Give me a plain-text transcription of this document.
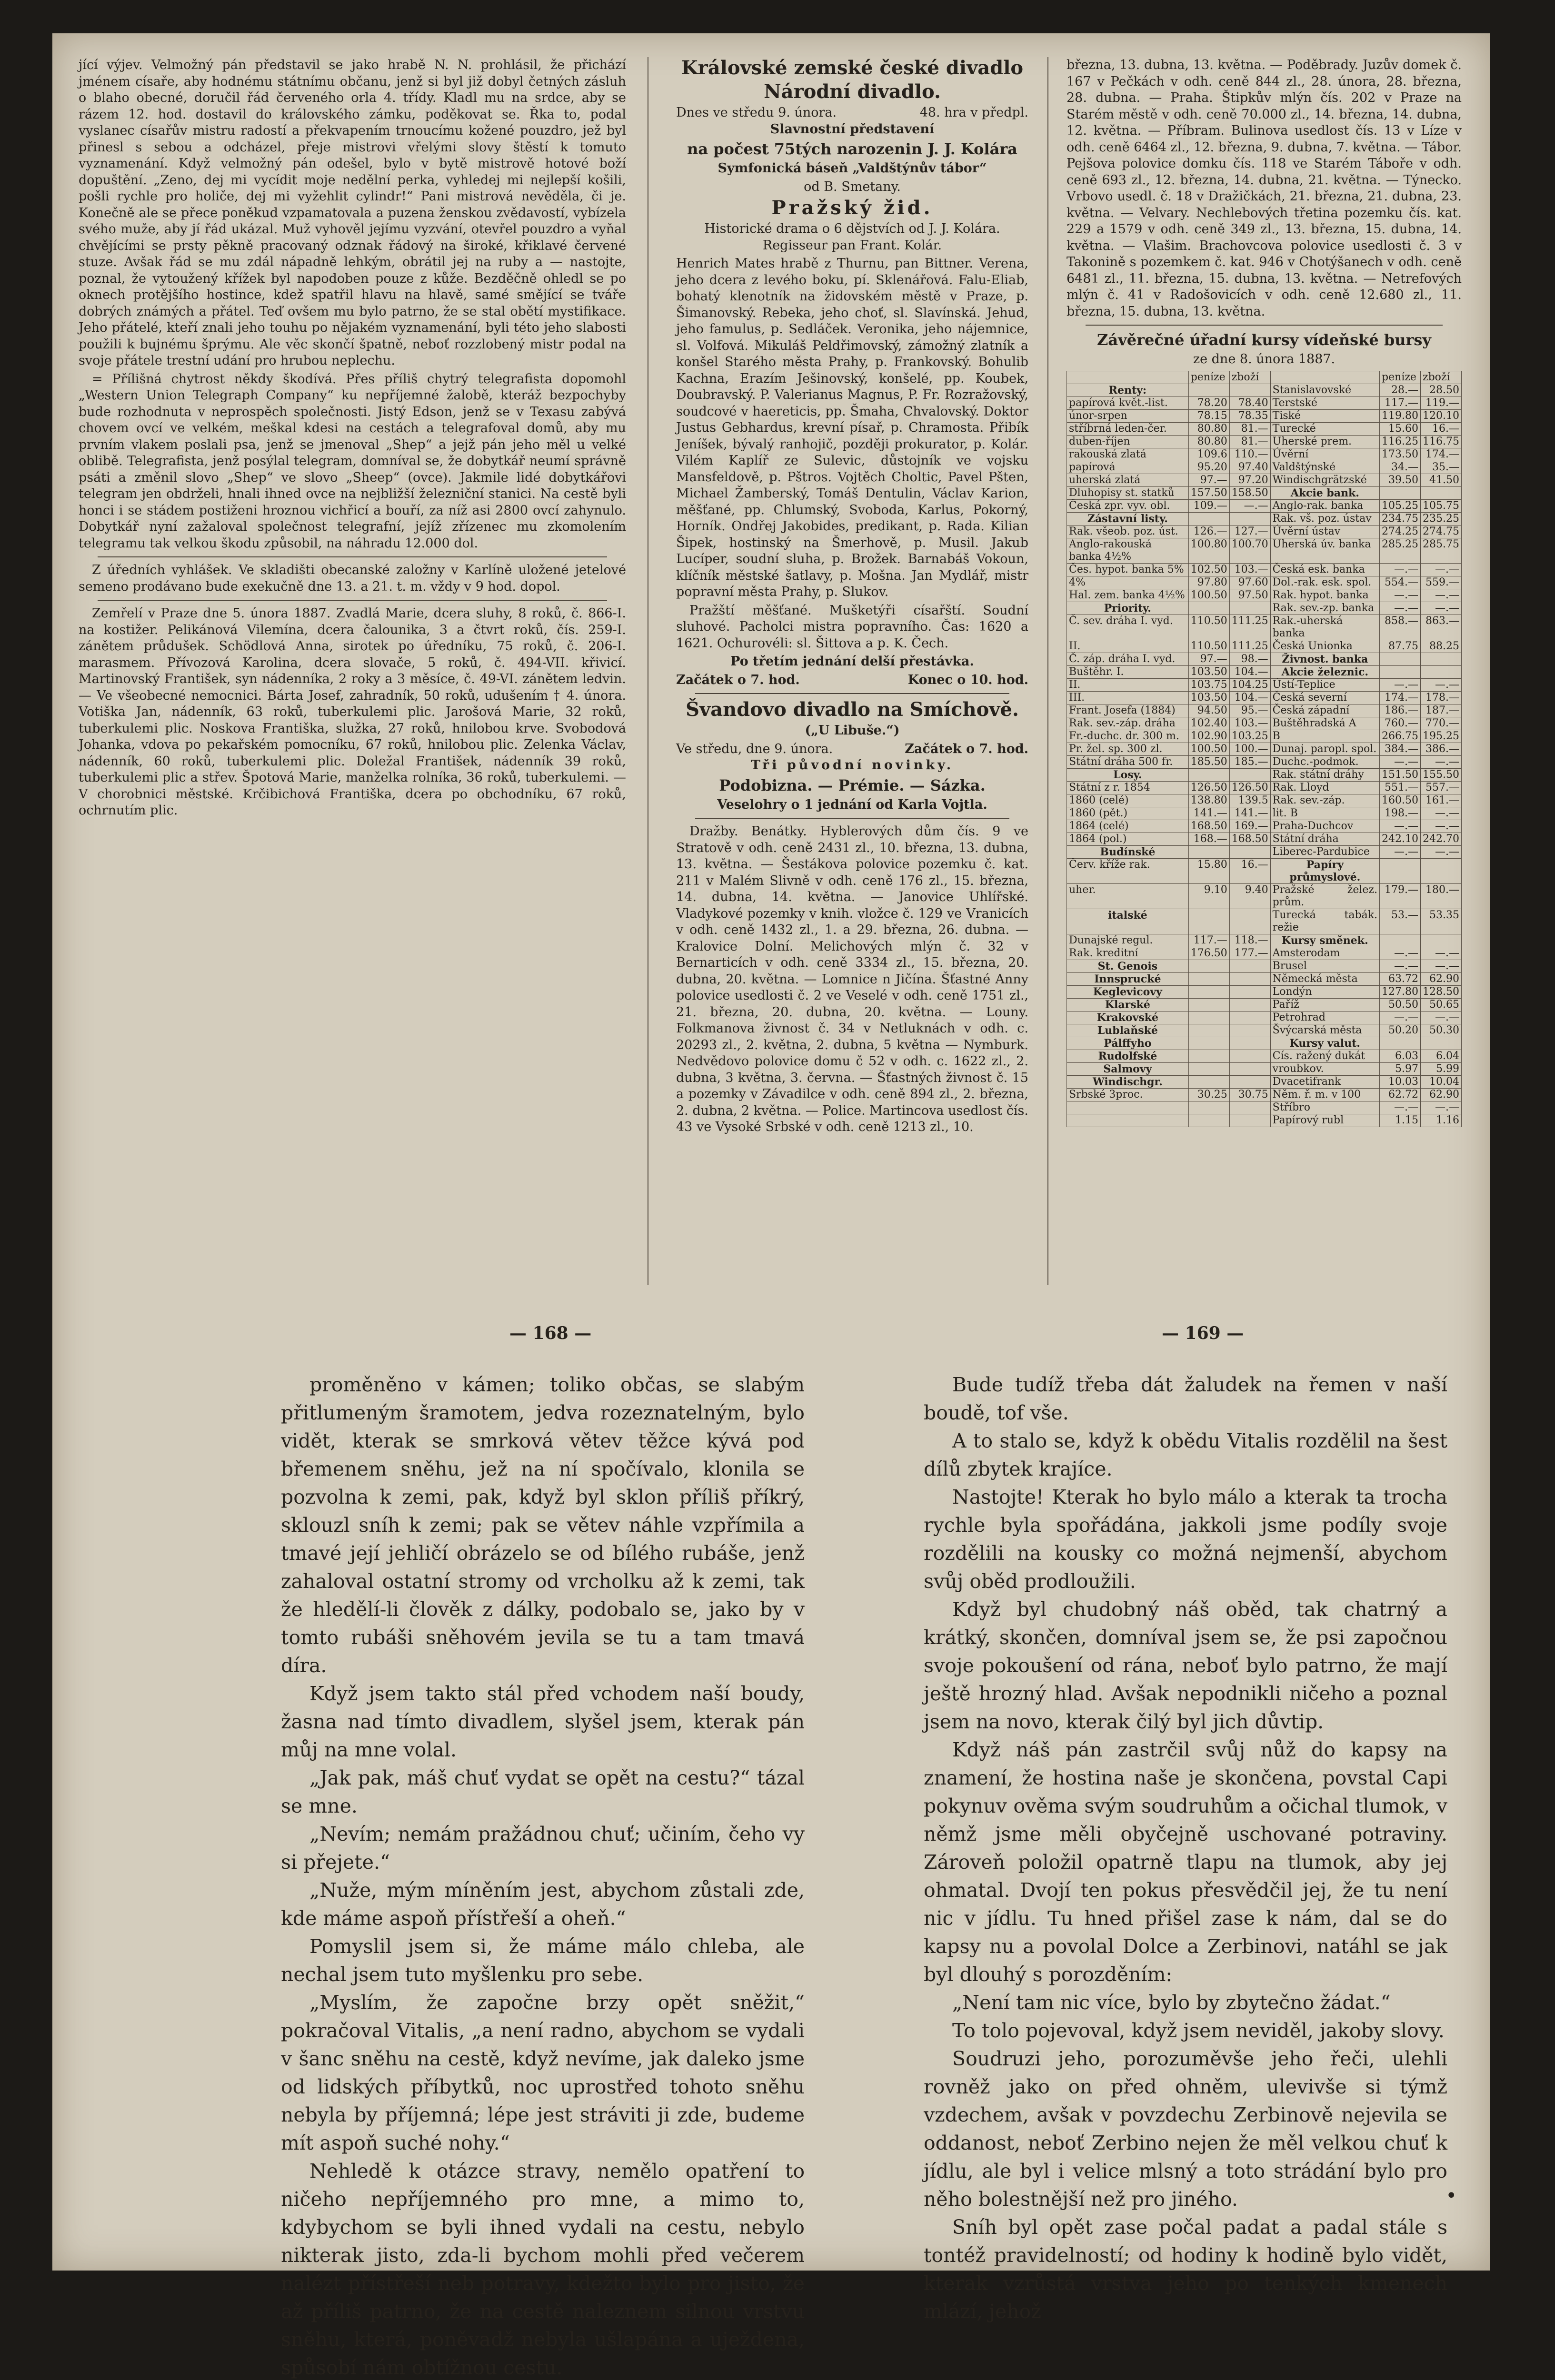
jící výjev. Velmožný pán představil se jako hrabě N. N. prohlásil, že přichází jménem císaře, aby hodnému státnímu občanu, jenž si byl již dobyl četných zásluh o blaho obecné, doručil řád červeného orla 4. třídy. Kladl mu na srdce, aby se rázem 12. hod. dostavil do královského zámku, poděkovat se. Řka to, podal vyslanec císařův mistru radostí a překvapením trnoucímu kožené pouzdro, jež byl přinesl s sebou a odcházel, přeje mistrovi vřelými slovy štěstí k tomuto vyznamenání. Když velmožný pán odešel, bylo v bytě mistrově hotové boží dopuštění. „Zeno, dej mi vycídit moje nedělní perka, vyhledej mi nejlepší košili, pošli rychle pro holiče, dej mi vyžehlit cylindr!“ Pani mistrová nevěděla, či je. Konečně ale se přece poněkud vzpamatovala a puzena ženskou zvědavostí, vybízela svého muže, aby jí řád ukázal. Muž vyhověl jejímu vyzvání, otevřel pouzdro a vyňal chvějícími se prsty pěkně pracovaný odznak řádový na široké, křiklavé červené stuze. Avšak řád se mu zdál nápadně lehkým, obrátil jej na ruby a — nastojte, poznal, že vytoužený křížek byl napodoben pouze z kůže. Bezděčně ohledl se po oknech protějšího hostince, kdež spatřil hlavu na hlavě, samé smějící se tváře dobrých známých a přátel. Teď ovšem mu bylo patrno, že se stal obětí mystifikace. Jeho přátelé, kteří znali jeho touhu po nějakém vyznamenání, byli této jeho slabosti použili k bujnému šprýmu. Ale věc skončí špatně, neboť rozzlobený mistr podal na svoje přátele trestní udání pro hrubou neplechu.

= Přílišná chytrost někdy škodívá. Přes příliš chytrý telegrafista dopomohl „Western Union Telegraph Company“ ku nepříjemné žalobě, kteráž bezpochyby bude rozhodnuta v neprospěch společnosti. Jistý Edson, jenž se v Texasu zabývá chovem ovcí ve velkém, meškal kdesi na cestách a telegrafoval domů, aby mu prvním vlakem poslali psa, jenž se jmenoval „Shep“ a jejž pán jeho měl u velké oblibě. Telegrafista, jenž posýlal telegram, domníval se, že dobytkář neumí správně psáti a změnil slovo „Shep“ ve slovo „Sheep“ (ovce). Jakmile lidé dobytkářovi telegram jen obdrželi, hnali ihned ovce na nejbližší železniční stanici. Na cestě byli honci i se stádem postiženi hroznou vichřicí a bouří, za níž asi 2800 ovcí zahynulo. Dobytkář nyní zažaloval společnost telegrafní, jejíž zřízenec mu zkomolením telegramu tak velkou škodu způsobil, na náhradu 12.000 dol.

Z úředních vyhlášek. Ve skladišti obecanské založny v Karlíně uložené jetelové semeno prodávano bude exekučně dne 13. a 21. t. m. vždy v 9 hod. dopol.

Zemřelí v Praze dne 5. února 1887. Zvadlá Marie, dcera sluhy, 8 roků, č. 866-I. na kostižer. Pelikánová Vilemína, dcera čalounika, 3 a čtvrt roků, čís. 259-I. zánětem průdušek. Schödlová Anna, sirotek po úředníku, 75 roků, č. 206-I. marasmem. Přívozová Karolina, dcera slovače, 5 roků, č. 494-VII. křivicí. Martinovský František, syn nádenníka, 2 roky a 3 měsíce, č. 49-VI. zánětem ledvin. — Ve všeobecné nemocnici. Bárta Josef, zahradník, 50 roků, udušením † 4. února. Votiška Jan, nádenník, 63 roků, tuberkulemi plic. Jarošová Marie, 32 roků, tuberkulemi plic. Noskova Františka, služka, 27 roků, hnilobou krve. Svobodová Johanka, vdova po pekařském pomocníku, 67 roků, hnilobou plic. Zelenka Václav, nádenník, 60 roků, tuberkulemi plic. Doležal František, nádenník 39 roků, tuberkulemi plic a střev. Špotová Marie, manželka rolníka, 36 roků, tuberkulemi. — V chorobnici městské. Krčibichová Františka, dcera po obchodníku, 67 roků, ochrnutím plic.

Královské zemské české divadlo

Národní divadlo.

Dnes ve středu 9. února.	48. hra v předpl.

Slavnostní představení

na počest 75tých narozenin J. J. Kolára

Symfonická báseň „Valdštýnův tábor“

od B. Smetany.

Pražský žid.

Historické drama o 6 dějstvích od J. J. Kolára. Regisseur pan Frant. Kolár.

Henrich Mates hrabě z Thurnu, pan Bittner. Verena, jeho dcera z levého boku, pí. Sklenářová. Falu-Eliab, bohatý klenotník na židovském městě v Praze, p. Šimanovský. Rebeka, jeho choť, sl. Slavínská. Jehud, jeho famulus, p. Sedláček. Veronika, jeho nájemnice, sl. Volfová. Mikuláš Peldřimovský, zámožný zlatník a konšel Starého města Prahy, p. Frankovský. Bohulib Kachna, Erazím Ješinovský, konšelé, pp. Koubek, Doubravský. P. Valerianus Magnus, P. Fr. Rozražovský, soudcové v haereticis, pp. Šmaha, Chvalovský. Doktor Justus Gebhardus, krevní písař, p. Chramosta. Přibík Jeníšek, bývalý ranhojič, později prokurator, p. Kolár. Vilém Kaplíř ze Sulevic, důstojník ve vojsku Mansfeldově, p. Pštros. Vojtěch Choltic, Pavel Pšten, Michael Žamberský, Tomáš Dentulin, Václav Karion, měšťané, pp. Chlumský, Svoboda, Karlus, Pokorný, Horník. Ondřej Jakobides, predikant, p. Rada. Kilian Šipek, hostinský na Šmerhově, p. Musil. Jakub Lucíper, soudní sluha, p. Brožek. Barnabáš Vokoun, klíčník městské šatlavy, p. Mošna. Jan Mydlář, mistr popravní města Prahy, p. Slukov.

Pražští měšťané. Mušketýři císařští. Soudní sluhové. Pacholci mistra popravního. Čas: 1620 a 1621. Ochurovéli: sl. Šittova a p. K. Čech.

Po třetím jednání delší přestávka.

Začátek o 7. hod.	Konec o 10. hod.

Švandovo divadlo na Smíchově.

(„U Libuše.“)

Ve středu, dne 9. února.	Začátek o 7. hod.

Tři původní novinky.

Podobizna. — Prémie. — Sázka.

Veselohry o 1 jednání od Karla Vojtla.

Dražby. Benátky. Hyblerových dům čís. 9 ve Stratově v odh. ceně 2431 zl., 10. března, 13. dubna, 13. května. — Šestákova polovice pozemku č. kat. 211 v Malém Slivně v odh. ceně 176 zl., 15. března, 14. dubna, 14. května. — Janovice Uhlířské. Vladykové pozemky v knih. vložce č. 129 ve Vranicích v odh. ceně 1432 zl., 1. a 29. března, 26. dubna. — Kralovice Dolní. Melichových mlýn č. 32 v Bernarticích v odh. ceně 3334 zl., 15. března, 20. dubna, 20. května. — Lomnice n Jičína. Šťastné Anny polovice usedlosti č. 2 ve Veselé v odh. ceně 1751 zl., 21. března, 20. dubna, 20. května. — Louny. Folkmanova živnost č. 34 v Netluknách v odh. c. 20293 zl., 2. května, 2. dubna, 5 května — Nymburk. Nedvědovo polovice domu č 52 v odh. c. 1622 zl., 2. dubna, 3 května, 3. června. — Šťastných živnost č. 15 a pozemky v Závadilce v odh. ceně 894 zl., 2. března, 2. dubna, 2 května. — Police. Martincova usedlost čís. 43 ve Vysoké Srbské v odh. ceně 1213 zl., 10.

března, 13. dubna, 13. května. — Poděbrady. Juzův domek č. 167 v Pečkách v odh. ceně 844 zl., 28. února, 28. března, 28. dubna. — Praha. Štipkův mlýn čís. 202 v Praze na Starém městě v odh. ceně 70.000 zl., 14. března, 14. dubna, 12. května. — Příbram. Bulinova usedlost čís. 13 v Líze v odh. ceně 6464 zl., 12. března, 9. dubna, 7. května. — Tábor. Pejšova polovice domku čís. 118 ve Starém Táboře v odh. ceně 693 zl., 12. března, 14. dubna, 21. května. — Týnecko. Vrbovo usedl. č. 18 v Dražičkách, 21. března, 21. dubna, 23. května. — Velvary. Nechlebových třetina pozemku čís. kat. 229 a 1579 v odh. ceně 349 zl., 13. března, 15. dubna, 14. května. — Vlašim. Brachovcova polovice usedlosti č. 3 v Takonině s pozemkem č. kat. 946 v Chotýšanech v odh. ceně 6481 zl., 11. března, 15. dubna, 13. května. — Netrefových mlýn č. 41 v Radošovicích v odh. ceně 12.680 zl., 11. března, 15. dubna, 13. května.

Závěrečné úřadní kursy vídeňské bursy

ze dne 8. února 1887.

	peníze	zboží		peníze	zboží
Renty:			Stanislavovské	28.—	28.50
papírová květ.-list.	78.20	78.40	Terstské	117.—	119.—
únor-srpen	78.15	78.35	Tiské	119.80	120.10
stříbrná leden-čer.	80.80	81.—	Turecké	15.60	16.—
duben-říjen	80.80	81.—	Uherské prem.	116.25	116.75
rakouská zlatá	109.6	110.—	Úvěrní	173.50	174.—
papírová	95.20	97.40	Valdštýnské	34.—	35.—
uherská zlatá	97.—	97.20	Windischgrätzské	39.50	41.50
Dluhopisy st. statků	157.50	158.50	Akcie bank.		
Česká zpr. vyv. obl.	109.—	—.—	Anglo-rak. banka	105.25	105.75
Zástavní listy.			Rak. vš. poz. ústav	234.75	235.25
Rak. všeob. poz. úst.	126.—	127.—	Úvěrní ústav	274.25	274.75
Anglo-rakouská banka 4½%	100.80	100.70	Uherská úv. banka	285.25	285.75
Čes. hypot. banka 5%	102.50	103.—	Česká esk. banka	—.—	—.—
4%	97.80	97.60	Dol.-rak. esk. spol.	554.—	559.—
Hal. zem. banka 4½%	100.50	97.50	Rak. hypot. banka	—.—	—.—
Priority.			Rak. sev.-zp. banka	—.—	—.—
Č. sev. dráha I. vyd.	110.50	111.25	Rak.-uherská banka	858.—	863.—
II.	110.50	111.25	Česká Unionka	87.75	88.25
Č. záp. dráha I. vyd.	97.—	98.—	Živnost. banka		
Buštěhr. I.	103.50	104.—	Akcie železnic.		
II.	103.75	104.25	Ústí-Teplice	—.—	—.—
III.	103.50	104.—	Česká severní	174.—	178.—
Frant. Josefa (1884)	94.50	95.—	Česká západní	186.—	187.—
Rak. sev.-záp. dráha	102.40	103.—	Buštěhradská A	760.—	770.—
Fr.-duchc. dr. 300 m.	102.90	103.25	B	266.75	195.25
Pr. žel. sp. 300 zl.	100.50	100.—	Dunaj. paropl. spol.	384.—	386.—
Státní dráha 500 fr.	185.50	185.—	Duchc.-podmok.	—.—	—.—
Losy.			Rak. státní dráhy	151.50	155.50
Státní z r. 1854	126.50	126.50	Rak. Lloyd	551.—	557.—
1860 (celé)	138.80	139.5	Rak. sev.-záp.	160.50	161.—
1860 (pět.)	141.—	141.—	lit. B	198.—	—.—
1864 (celé)	168.50	169.—	Praha-Duchcov	—.—	—.—
1864 (pol.)	168.—	168.50	Státní dráha	242.10	242.70
Budínské			Liberec-Pardubice	—.—	—.—
Červ. kříže rak.	15.80	16.—	Papíry průmyslové.		
uher.	9.10	9.40	Pražské želez. prům.	179.—	180.—
italské			Turecká tabák. režie	53.—	53.35
Dunajské regul.	117.—	118.—	Kursy směnek.		
Rak. kreditní	176.50	177.—	Amsterodam	—.—	—.—
St. Genois			Brusel	—.—	—.—
Innsprucké			Německá města	63.72	62.90
Keglevicovy			Londýn	127.80	128.50
Klarské			Paříž	50.50	50.65
Krakovské			Petrohrad	—.—	—.—
Lublaňské			Švýcarská města	50.20	50.30
Pálffyho			Kursy valut.		
Rudolfské			Cís. ražený dukát	6.03	6.04
Salmovy			vroubkov.	5.97	5.99
Windischgr.			Dvacetifrank	10.03	10.04
Srbské 3proc.	30.25	30.75	Něm. ř. m. v 100	62.72	62.90
			Stříbro	—.—	—.—
			Papírový rubl	1.15	1.16
— 168 —	— 169 —

proměněno v kámen; toliko občas, se slabým přitlumeným šramotem, jedva rozeznatelným, bylo vidět, kterak se smrková větev těžce kývá pod břemenem sněhu, jež na ní spočívalo, klonila se pozvolna k zemi, pak, když byl sklon příliš příkrý, sklouzl sníh k zemi; pak se větev náhle vzpřímila a tmavé její jehličí obrázelo se od bílého rubáše, jenž zahaloval ostatní stromy od vrcholku až k zemi, tak že hledělí-li člověk z dálky, podobalo se, jako by v tomto rubáši sněhovém jevila se tu a tam tmavá díra.

Když jsem takto stál před vchodem naší boudy, žasna nad tímto divadlem, slyšel jsem, kterak pán můj na mne volal.

„Jak pak, máš chuť vydat se opět na cestu?“ tázal se mne.

„Nevím; nemám pražádnou chuť; učiním, čeho vy si přejete.“

„Nuže, mým míněním jest, abychom zůstali zde, kde máme aspoň přístřeší a oheň.“

Pomyslil jsem si, že máme málo chleba, ale nechal jsem tuto myšlenku pro sebe.

„Myslím, že započne brzy opět sněžit,“ pokračoval Vitalis, „a není radno, abychom se vydali v šanc sněhu na cestě, když nevíme, jak daleko jsme od lidských příbytků, noc uprostřed tohoto sněhu nebyla by příjemná; lépe jest stráviti ji zde, budeme mít aspoň suché nohy.“

Nehledě k otázce stravy, nemělo opatření to ničeho nepříjemného pro mne, a mimo to, kdybychom se byli ihned vydali na cestu, nebylo nikterak jisto, zda-li bychom mohli před večerem nalézt přístřeší neb potravy, kdežto bylo pro jisto, že až příliš patrno, že na cestě naleznem silnou vrstvu sněhu, která, poněvadž nebyla ušlapána a uježdena, spůsobí nám obtížnou cestu.

Bude tudíž třeba dát žaludek na řemen v naší boudě, tof vše.

A to stalo se, když k obědu Vitalis rozdělil na šest dílů zbytek krajíce.

Nastojte! Kterak ho bylo málo a kterak ta trocha rychle byla spořádána, jakkoli jsme podíly svoje rozdělili na kousky co možná nejmenší, abychom svůj oběd prodloužili.

Když byl chudobný náš oběd, tak chatrný a krátký, skončen, domníval jsem se, že psi započnou svoje pokoušení od rána, neboť bylo patrno, že mají ještě hrozný hlad. Avšak nepodnikli ničeho a poznal jsem na novo, kterak čilý byl jich důvtip.

Když náš pán zastrčil svůj nůž do kapsy na znamení, že hostina naše je skončena, povstal Capi pokynuv ověma svým soudruhům a očichal tlumok, v němž jsme měli obyčejně uschované potraviny. Zároveň položil opatrně tlapu na tlumok, aby jej ohmatal. Dvojí ten pokus přesvědčil jej, že tu není nic v jídlu. Tu hned přišel zase k nám, dal se do kapsy nu a povolal Dolce a Zerbinovi, natáhl se jak byl dlouhý s porozděním:

„Není tam nic více, bylo by zbytečno žádat.“

To tolo pojevoval, když jsem neviděl, jakoby slovy.

Soudruzi jeho, porozuměvše jeho řeči, ulehli rovněž jako on před ohněm, ulevivše si týmž vzdechem, avšak v povzdechu Zerbinově nejevila se oddanost, neboť Zerbino nejen že měl velkou chuť k jídlu, ale byl i velice mlsný a toto strádání bylo pro něho bolestnější než pro jiného.

Sníh byl opět zase počal padat a padal stále s tontéž pravidelností; od hodiny k hodině bylo vidět, kterak vzrůstá vrstva jeho po tenkých kmenech mlází, jehož

•
